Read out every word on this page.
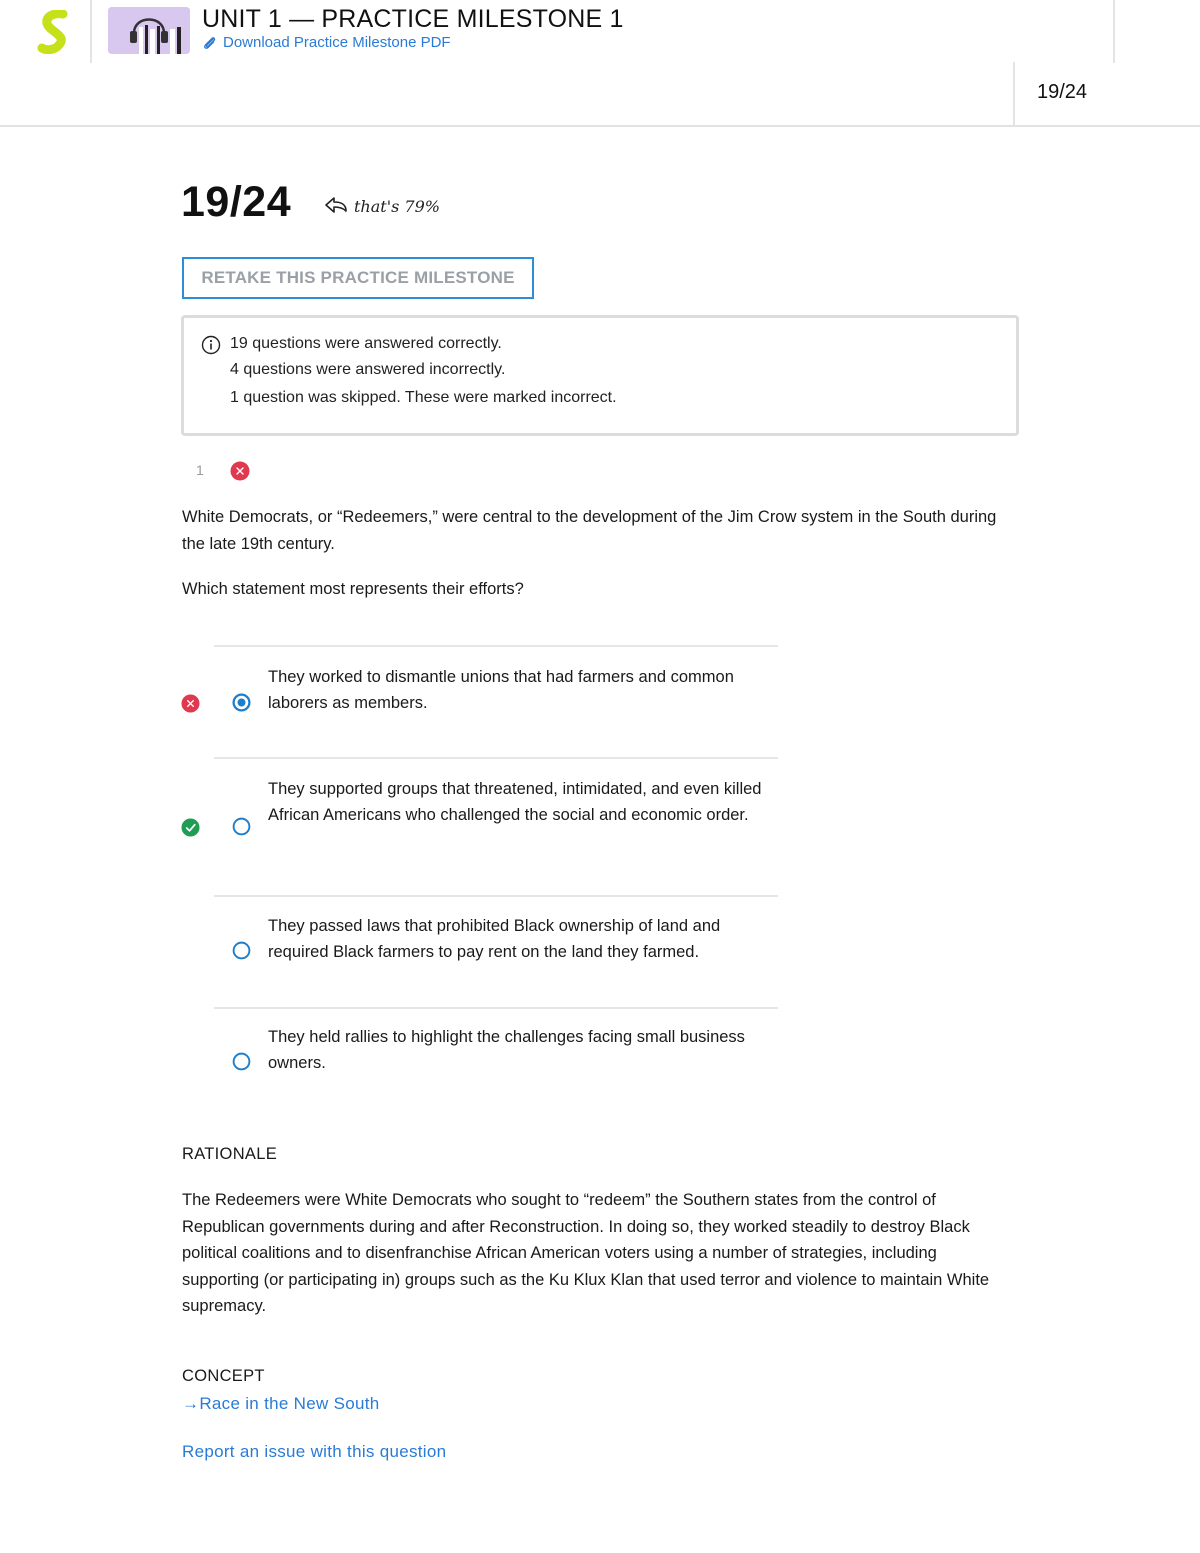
UNIT 1 — PRACTICE MILESTONE 1
Download Practice Milestone PDF
19/24
19/24	that's 79%
RETAKE THIS PRACTICE MILESTONE
19 questions were answered correctly.
4 questions were answered incorrectly.
1 question was skipped. These were marked incorrect.
1
White Democrats, or “Redeemers,” were central to the development of the Jim Crow system in the South during the late 19th century.
Which statement most represents their efforts?
They worked to dismantle unions that had farmers and common laborers as members.
They supported groups that threatened, intimidated, and even killed African Americans who challenged the social and economic order.
They passed laws that prohibited Black ownership of land and required Black farmers to pay rent on the land they farmed.
They held rallies to highlight the challenges facing small business owners.
RATIONALE
The Redeemers were White Democrats who sought to “redeem” the Southern states from the control of Republican governments during and after Reconstruction. In doing so, they worked steadily to destroy Black political coalitions and to disenfranchise African American voters using a number of strategies, including supporting (or participating in) groups such as the Ku Klux Klan that used terror and violence to maintain White supremacy.
CONCEPT
→Race in the New South
Report an issue with this question
